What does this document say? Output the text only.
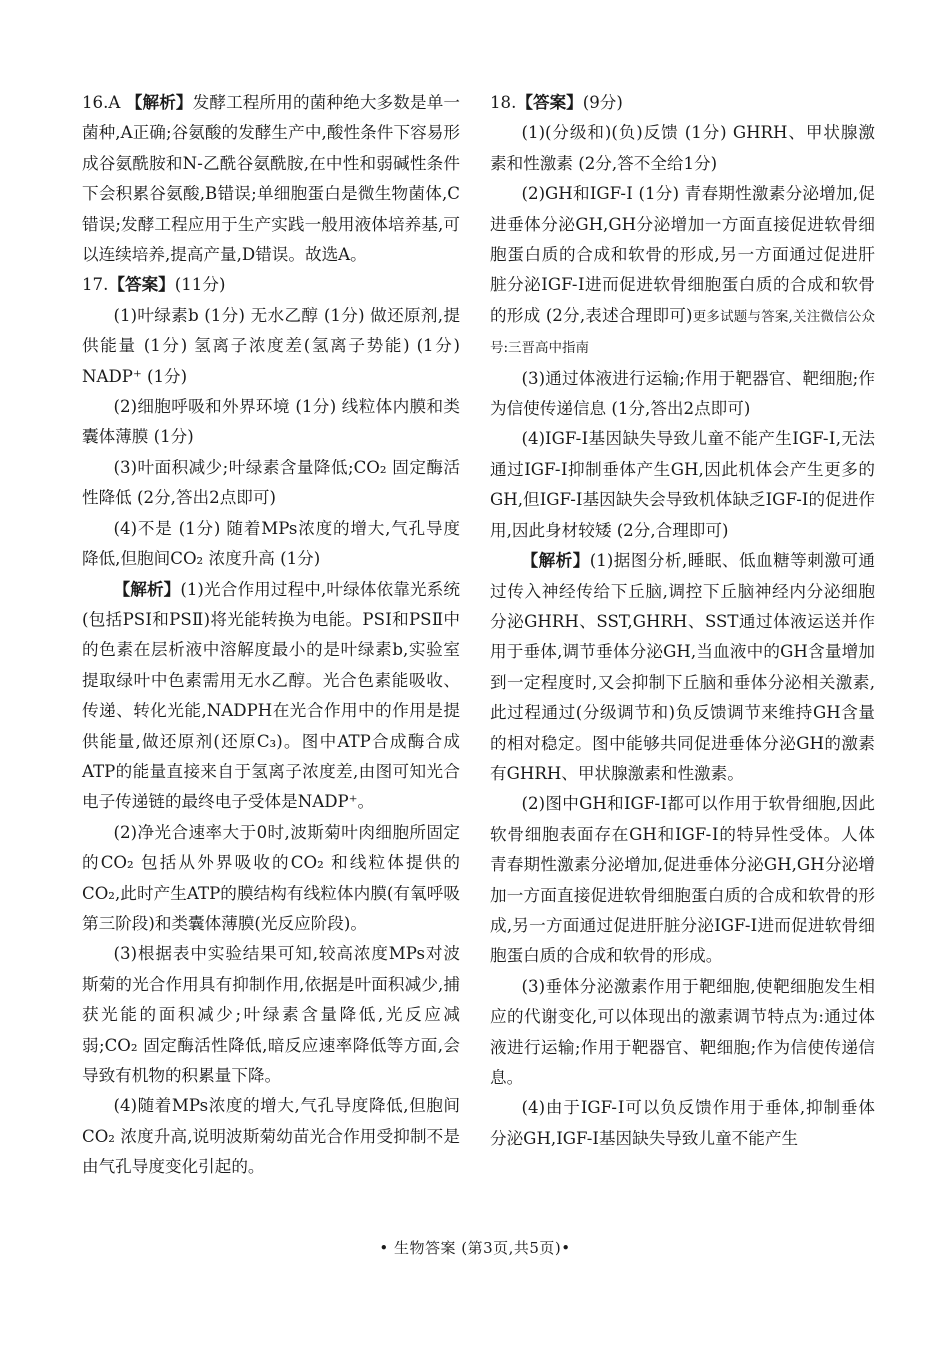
16.A 【解析】发酵工程所用的菌种绝大多数是单一菌种,A正确;谷氨酸的发酵生产中,酸性条件下容易形成谷氨酰胺和N-乙酰谷氨酰胺,在中性和弱碱性条件下会积累谷氨酸,B错误;单细胞蛋白是微生物菌体,C错误;发酵工程应用于生产实践一般用液体培养基,可以连续培养,提高产量,D错误。故选A。

17.【答案】(11分)

(1)叶绿素b (1分) 无水乙醇 (1分) 做还原剂,提供能量 (1分) 氢离子浓度差(氢离子势能) (1分) NADP⁺ (1分)

(2)细胞呼吸和外界环境 (1分) 线粒体内膜和类囊体薄膜 (1分)

(3)叶面积减少;叶绿素含量降低;CO₂ 固定酶活性降低 (2分,答出2点即可)

(4)不是 (1分) 随着MPs浓度的增大,气孔导度降低,但胞间CO₂ 浓度升高 (1分)

【解析】(1)光合作用过程中,叶绿体依靠光系统(包括PSⅠ和PSⅡ)将光能转换为电能。PSⅠ和PSⅡ中的色素在层析液中溶解度最小的是叶绿素b,实验室提取绿叶中色素需用无水乙醇。光合色素能吸收、传递、转化光能,NADPH在光合作用中的作用是提供能量,做还原剂(还原C₃)。图中ATP合成酶合成ATP的能量直接来自于氢离子浓度差,由图可知光合电子传递链的最终电子受体是NADP⁺。

(2)净光合速率大于0时,波斯菊叶肉细胞所固定的CO₂ 包括从外界吸收的CO₂ 和线粒体提供的CO₂,此时产生ATP的膜结构有线粒体内膜(有氧呼吸第三阶段)和类囊体薄膜(光反应阶段)。

(3)根据表中实验结果可知,较高浓度MPs对波斯菊的光合作用具有抑制作用,依据是叶面积减少,捕获光能的面积减少;叶绿素含量降低,光反应减弱;CO₂ 固定酶活性降低,暗反应速率降低等方面,会导致有机物的积累量下降。

(4)随着MPs浓度的增大,气孔导度降低,但胞间CO₂ 浓度升高,说明波斯菊幼苗光合作用受抑制不是由气孔导度变化引起的。

18.【答案】(9分)

(1)(分级和)(负)反馈 (1分) GHRH、甲状腺激素和性激素 (2分,答不全给1分)

(2)GH和IGF-Ⅰ (1分) 青春期性激素分泌增加,促进垂体分泌GH,GH分泌增加一方面直接促进软骨细胞蛋白质的合成和软骨的形成,另一方面通过促进肝脏分泌IGF-Ⅰ进而促进软骨细胞蛋白质的合成和软骨的形成 (2分,表述合理即可)更多试题与答案,关注微信公众号:三晋高中指南

(3)通过体液进行运输;作用于靶器官、靶细胞;作为信使传递信息 (1分,答出2点即可)

(4)IGF-Ⅰ基因缺失导致儿童不能产生IGF-Ⅰ,无法通过IGF-Ⅰ抑制垂体产生GH,因此机体会产生更多的GH,但IGF-Ⅰ基因缺失会导致机体缺乏IGF-Ⅰ的促进作用,因此身材较矮 (2分,合理即可)

【解析】(1)据图分析,睡眠、低血糖等刺激可通过传入神经传给下丘脑,调控下丘脑神经内分泌细胞分泌GHRH、SST,GHRH、SST通过体液运送并作用于垂体,调节垂体分泌GH,当血液中的GH含量增加到一定程度时,又会抑制下丘脑和垂体分泌相关激素,此过程通过(分级调节和)负反馈调节来维持GH含量的相对稳定。图中能够共同促进垂体分泌GH的激素有GHRH、甲状腺激素和性激素。

(2)图中GH和IGF-Ⅰ都可以作用于软骨细胞,因此软骨细胞表面存在GH和IGF-Ⅰ的特异性受体。人体青春期性激素分泌增加,促进垂体分泌GH,GH分泌增加一方面直接促进软骨细胞蛋白质的合成和软骨的形成,另一方面通过促进肝脏分泌IGF-Ⅰ进而促进软骨细胞蛋白质的合成和软骨的形成。

(3)垂体分泌激素作用于靶细胞,使靶细胞发生相应的代谢变化,可以体现出的激素调节特点为:通过体液进行运输;作用于靶器官、靶细胞;作为信使传递信息。

(4)由于IGF-Ⅰ可以负反馈作用于垂体,抑制垂体分泌GH,IGF-Ⅰ基因缺失导致儿童不能产生

• 生物答案 (第3页,共5页)•
